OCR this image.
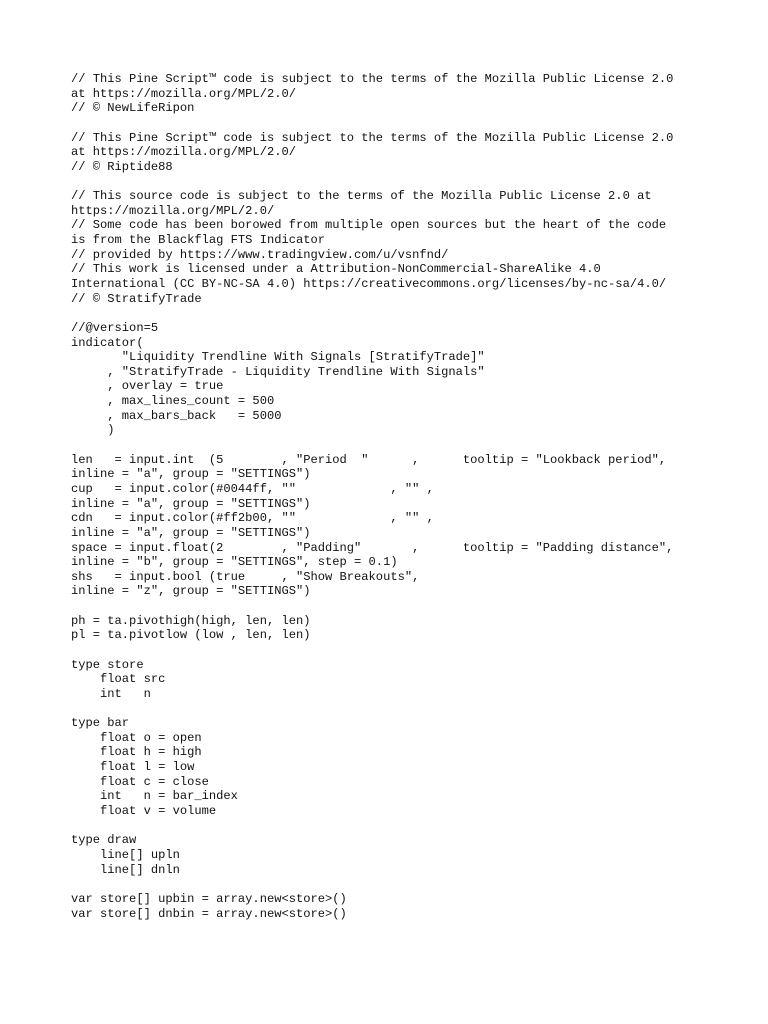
// This Pine Script™ code is subject to the terms of the Mozilla Public License 2.0
at https://mozilla.org/MPL/2.0/
// © NewLifeRipon
// This Pine Script™ code is subject to the terms of the Mozilla Public License 2.0
at https://mozilla.org/MPL/2.0/
// © Riptide88
// This source code is subject to the terms of the Mozilla Public License 2.0 at
https://mozilla.org/MPL/2.0/
// Some code has been borowed from multiple open sources but the heart of the code
is from the Blackflag FTS Indicator
// provided by https://www.tradingview.com/u/vsnfnd/
// This work is licensed under a Attribution-NonCommercial-ShareAlike 4.0
International (CC BY-NC-SA 4.0) https://creativecommons.org/licenses/by-nc-sa/4.0/
// © StratifyTrade
//@version=5
indicator(
"Liquidity Trendline With Signals [StratifyTrade]"
, "StratifyTrade - Liquidity Trendline With Signals"
, overlay = true
, max_lines_count = 500
, max_bars_back   = 5000
)
len   = input.int  (5        , "Period  "      ,      tooltip = "Lookback period",
inline = "a", group = "SETTINGS")
cup   = input.color(#0044ff, ""             , "" ,
inline = "a", group = "SETTINGS")
cdn   = input.color(#ff2b00, ""             , "" ,
inline = "a", group = "SETTINGS")
space = input.float(2        , "Padding"       ,      tooltip = "Padding distance",
inline = "b", group = "SETTINGS", step = 0.1)
shs   = input.bool (true     , "Show Breakouts",
inline = "z", group = "SETTINGS")
ph = ta.pivothigh(high, len, len)
pl = ta.pivotlow (low , len, len)
type store
float src
int   n
type bar
float o = open
float h = high
float l = low
float c = close
int   n = bar_index
float v = volume
type draw
line[] upln
line[] dnln
var store[] upbin = array.new<store>()
var store[] dnbin = array.new<store>()
